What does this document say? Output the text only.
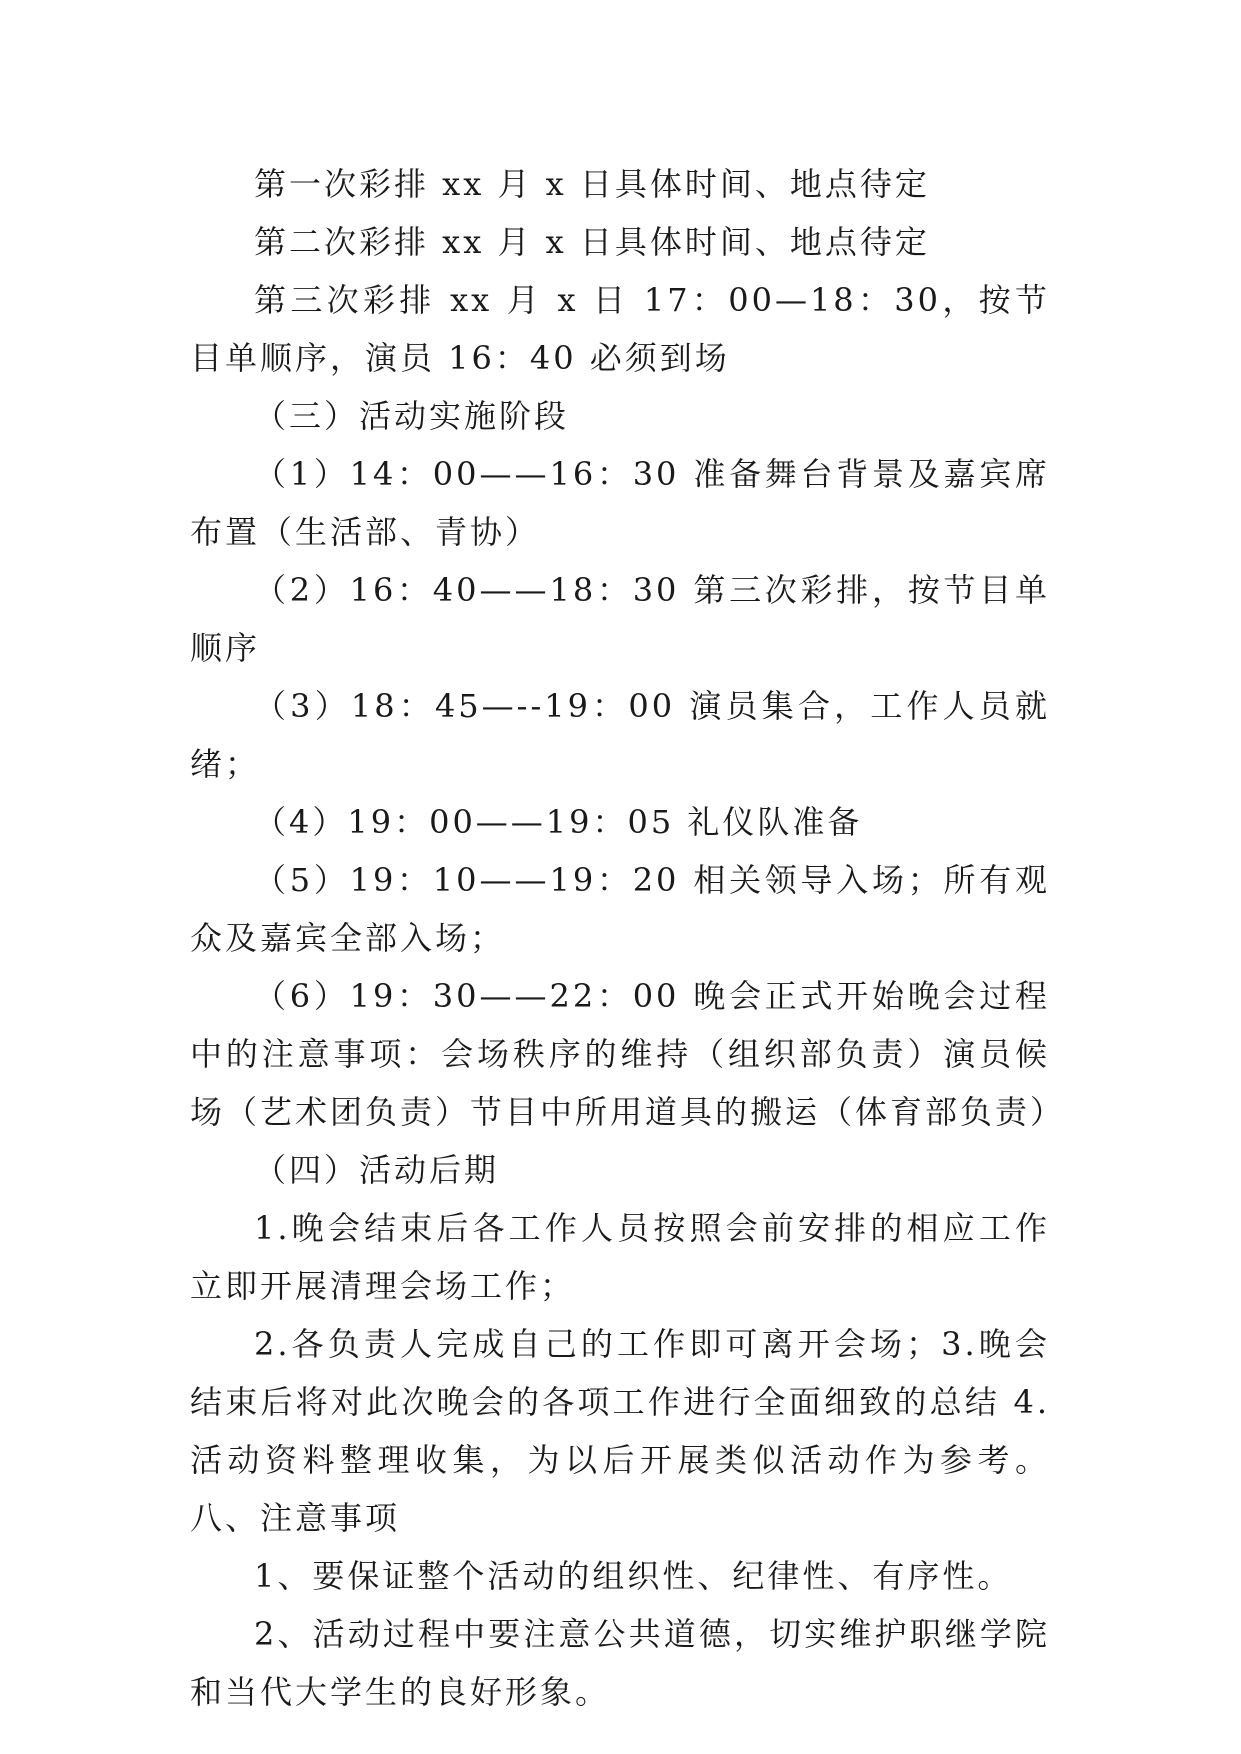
第一次彩排 xx 月 x 日具体时间、地点待定

第二次彩排 xx 月 x 日具体时间、地点待定

第三次彩排 xx 月 x 日 17：00—18：30，按节目单顺序，演员 16：40 必须到场

（三）活动实施阶段

（1）14：00——16：30 准备舞台背景及嘉宾席布置（生活部、青协）

（2）16：40——18：30 第三次彩排，按节目单顺序

（3）18：45—--19：00 演员集合，工作人员就绪；

（4）19：00——19：05 礼仪队准备

（5）19：10——19：20 相关领导入场；所有观众及嘉宾全部入场；

（6）19：30——22：00 晚会正式开始晚会过程中的注意事项：会场秩序的维持（组织部负责）演员候场（艺术团负责）节目中所用道具的搬运（体育部负责）

（四）活动后期

1.晚会结束后各工作人员按照会前安排的相应工作立即开展清理会场工作；

2.各负责人完成自己的工作即可离开会场；3.晚会结束后将对此次晚会的各项工作进行全面细致的总结 4.活动资料整理收集，为以后开展类似活动作为参考。八、注意事项

1、要保证整个活动的组织性、纪律性、有序性。

2、活动过程中要注意公共道德，切实维护职继学院和当代大学生的良好形象。
